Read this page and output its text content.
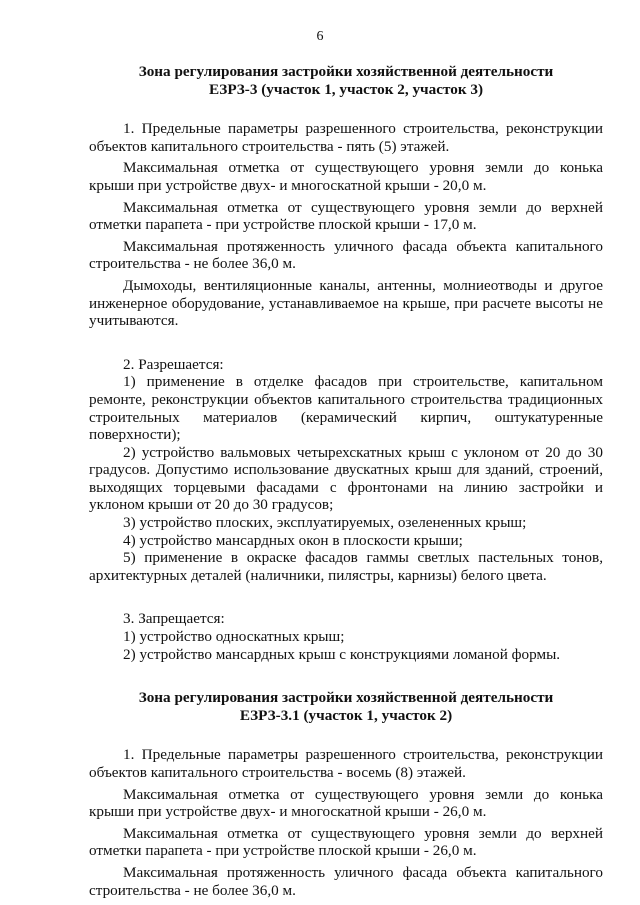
6
Зона регулирования застройки хозяйственной деятельности
ЕЗРЗ-3 (участок 1, участок 2, участок 3)

1. Предельные параметры разрешенного строительства, реконструкции объектов капитального строительства - пять (5) этажей.

Максимальная отметка от существующего уровня земли до конька крыши при устройстве двух- и многоскатной крыши - 20,0 м.

Максимальная отметка от существующего уровня земли до верхней отметки парапета - при устройстве плоской крыши - 17,0 м.

Максимальная протяженность уличного фасада объекта капитального строительства - не более 36,0 м.

Дымоходы, вентиляционные каналы, антенны, молниеотводы и другое инженерное оборудование, устанавливаемое на крыше, при расчете высоты не учитываются.

2. Разрешается:

1) применение в отделке фасадов при строительстве, капитальном ремонте, реконструкции объектов капитального строительства традиционных строительных материалов (керамический кирпич, оштукатуренные поверхности);

2) устройство вальмовых четырехскатных крыш с уклоном от 20 до 30 градусов. Допустимо использование двускатных крыш для зданий, строений, выходящих торцевыми фасадами с фронтонами на линию застройки и уклоном крыши от 20 до 30 градусов;

3) устройство плоских, эксплуатируемых, озелененных крыш;

4) устройство мансардных окон в плоскости крыши;

5) применение в окраске фасадов гаммы светлых пастельных тонов, архитектурных деталей (наличники, пилястры, карнизы) белого цвета.

3. Запрещается:

1) устройство односкатных крыш;

2) устройство мансардных крыш с конструкциями ломаной формы.

Зона регулирования застройки хозяйственной деятельности
ЕЗРЗ-3.1 (участок 1, участок 2)

1. Предельные параметры разрешенного строительства, реконструкции объектов капитального строительства - восемь (8) этажей.

Максимальная отметка от существующего уровня земли до конька крыши при устройстве двух- и многоскатной крыши - 26,0 м.

Максимальная отметка от существующего уровня земли до верхней отметки парапета - при устройстве плоской крыши - 26,0 м.

Максимальная протяженность уличного фасада объекта капитального строительства - не более 36,0 м.
